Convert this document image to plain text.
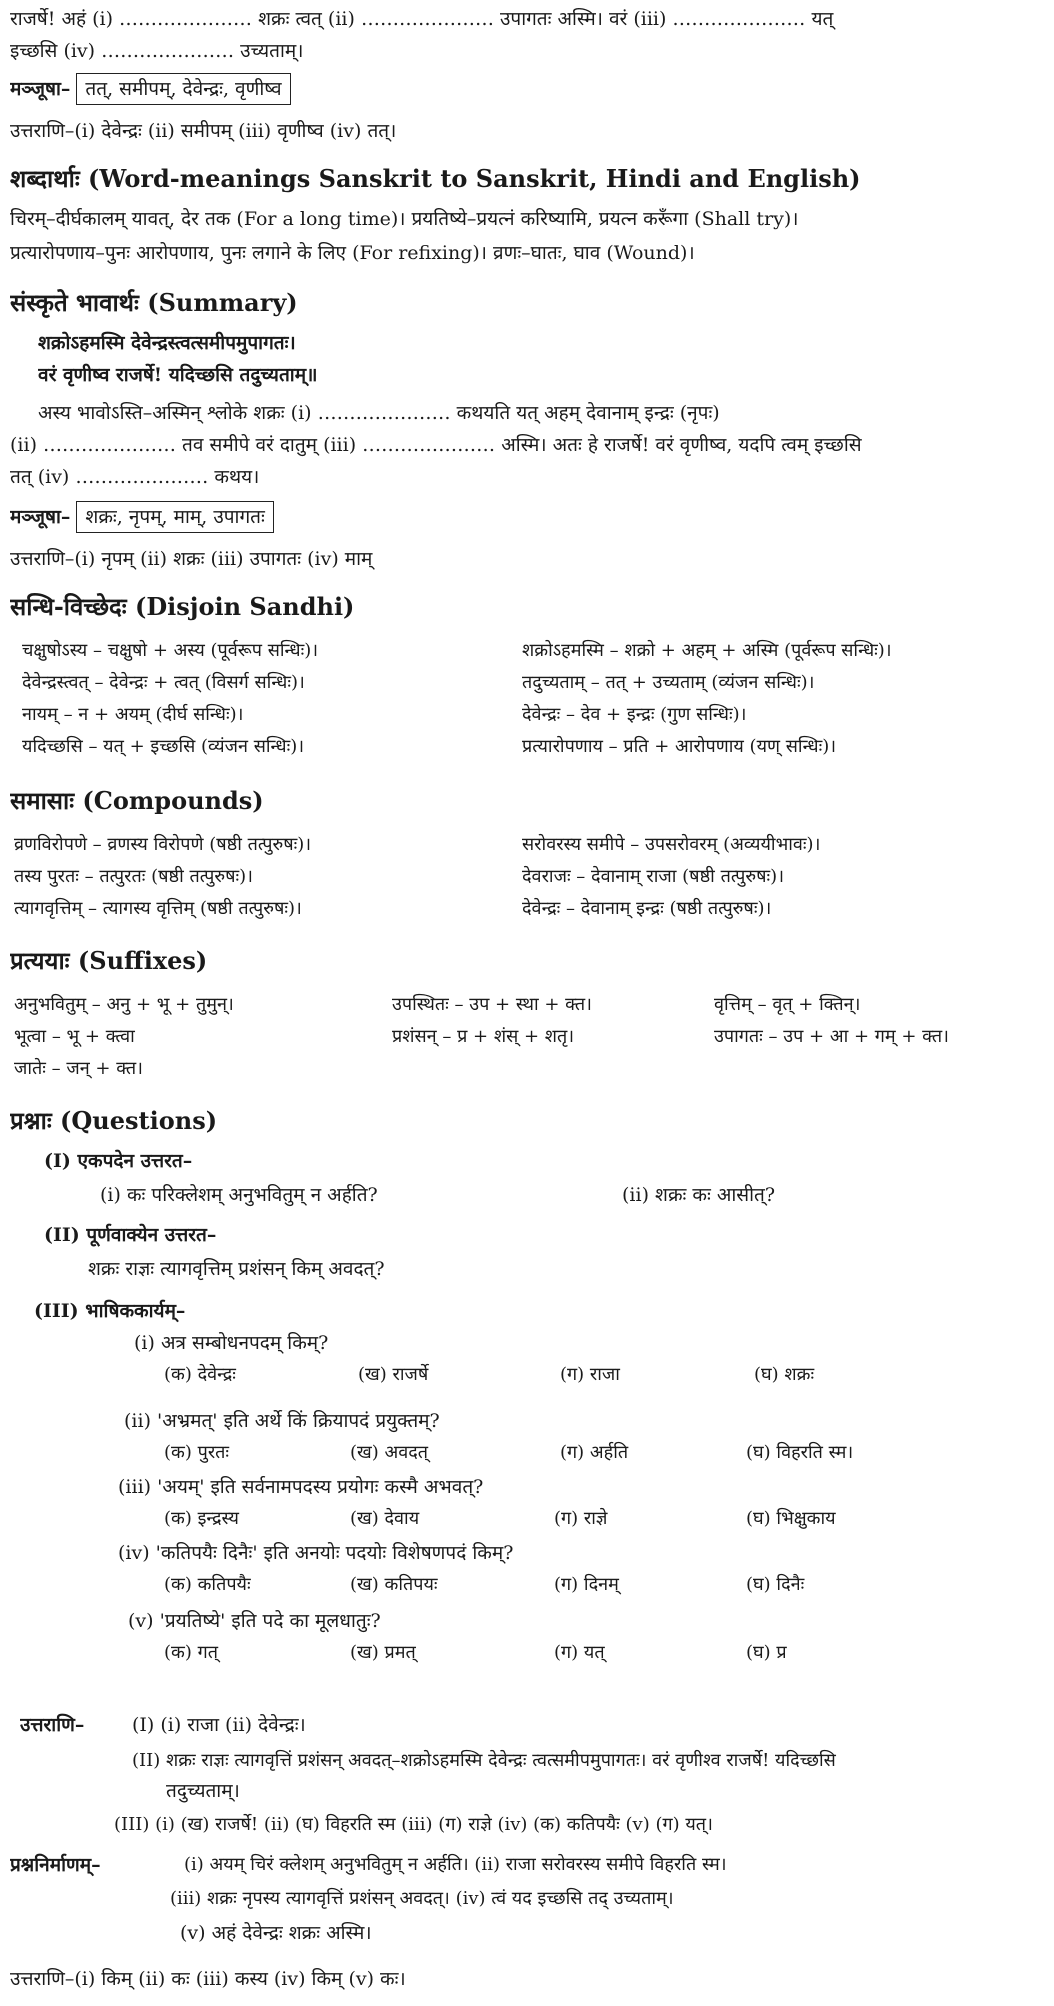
राजर्षे! अहं (i) ………………… शक्रः त्वत् (ii) ………………… उपागतः अस्मि। वरं (iii) ………………… यत्
इच्छसि (iv) ………………… उच्यताम्।
मञ्जूषा– तत्, समीपम्, देवेन्द्रः, वृणीष्व
उत्तराणि–(i) देवेन्द्रः (ii) समीपम् (iii) वृणीष्व (iv) तत्।
शब्दार्थाः (Word-meanings Sanskrit to Sanskrit, Hindi and English)
चिरम्–दीर्घकालम् यावत्, देर तक (For a long time)। प्रयतिष्ये–प्रयत्नं करिष्यामि, प्रयत्न करूँगा (Shall try)।
प्रत्यारोपणाय–पुनः आरोपणाय, पुनः लगाने के लिए (For refixing)। व्रणः–घातः, घाव (Wound)।
संस्कृते भावार्थः (Summary)
शक्रोऽहमस्मि देवेन्द्रस्त्वत्समीपमुपागतः।
वरं वृणीष्व राजर्षे! यदिच्छसि तदुच्यताम्॥
अस्य भावोऽस्ति–अस्मिन् श्लोके शक्रः (i) ………………… कथयति यत् अहम् देवानाम् इन्द्रः (नृपः)
(ii) ………………… तव समीपे वरं दातुम् (iii) ………………… अस्मि। अतः हे राजर्षे! वरं वृणीष्व, यदपि त्वम् इच्छसि
तत् (iv) ………………… कथय।
मञ्जूषा– शक्रः, नृपम्, माम्, उपागतः
उत्तराणि–(i) नृपम् (ii) शक्रः (iii) उपागतः (iv) माम्
सन्धि-विच्छेदः (Disjoin Sandhi)
चक्षुषोऽस्य – चक्षुषो + अस्य (पूर्वरूप सन्धिः)।	शक्रोऽहमस्मि – शक्रो + अहम् + अस्मि (पूर्वरूप सन्धिः)।
देवेन्द्रस्त्वत् – देवेन्द्रः + त्वत् (विसर्ग सन्धिः)।	तदुच्यताम् – तत् + उच्यताम् (व्यंजन सन्धिः)।
नायम् – न + अयम् (दीर्घ सन्धिः)।	देवेन्द्रः – देव + इन्द्रः (गुण सन्धिः)।
यदिच्छसि – यत् + इच्छसि (व्यंजन सन्धिः)।	प्रत्यारोपणाय – प्रति + आरोपणाय (यण् सन्धिः)।
समासाः (Compounds)
व्रणविरोपणे – व्रणस्य विरोपणे (षष्ठी तत्पुरुषः)।	सरोवरस्य समीपे – उपसरोवरम् (अव्ययीभावः)।
तस्य पुरतः – तत्पुरतः (षष्ठी तत्पुरुषः)।	देवराजः – देवानाम् राजा (षष्ठी तत्पुरुषः)।
त्यागवृत्तिम् – त्यागस्य वृत्तिम् (षष्ठी तत्पुरुषः)।	देवेन्द्रः – देवानाम् इन्द्रः (षष्ठी तत्पुरुषः)।
प्रत्ययाः (Suffixes)
अनुभवितुम् – अनु + भू + तुमुन्।	उपस्थितः – उप + स्था + क्त।	वृत्तिम् – वृत् + क्तिन्।
भूत्वा – भू + क्त्वा	प्रशंसन् – प्र + शंस् + शतृ।	उपागतः – उप + आ + गम् + क्त।
जातेः – जन् + क्त।
प्रश्नाः (Questions)
(I) एकपदेन उत्तरत–
(i) कः परिक्लेशम् अनुभवितुम् न अर्हति?	(ii) शक्रः कः आसीत्?
(II) पूर्णवाक्येन उत्तरत–
शक्रः राज्ञः त्यागवृत्तिम् प्रशंसन् किम् अवदत्?
(III) भाषिककार्यम्–
(i) अत्र सम्बोधनपदम् किम्?
(क) देवेन्द्रः	(ख) राजर्षे	(ग) राजा	(घ) शक्रः
(ii) 'अभ्रमत्' इति अर्थे किं क्रियापदं प्रयुक्तम्?
(क) पुरतः	(ख) अवदत्	(ग) अर्हति	(घ) विहरति स्म।
(iii) 'अयम्' इति सर्वनामपदस्य प्रयोगः कस्मै अभवत्?
(क) इन्द्रस्य	(ख) देवाय	(ग) राज्ञे	(घ) भिक्षुकाय
(iv) 'कतिपयैः दिनैः' इति अनयोः पदयोः विशेषणपदं किम्?
(क) कतिपयैः	(ख) कतिपयः	(ग) दिनम्	(घ) दिनैः
(v) 'प्रयतिष्ये' इति पदे का मूलधातुः?
(क) गत्	(ख) प्रमत्	(ग) यत्	(घ) प्र
उत्तराणि–	(I) (i) राजा (ii) देवेन्द्रः।
(II) शक्रः राज्ञः त्यागवृत्तिं प्रशंसन् अवदत्–शक्रोऽहमस्मि देवेन्द्रः त्वत्समीपमुपागतः। वरं वृणीश्व राजर्षे! यदिच्छसि
तदुच्यताम्।
(III) (i) (ख) राजर्षे! (ii) (घ) विहरति स्म (iii) (ग) राज्ञे (iv) (क) कतिपयैः (v) (ग) यत्।
प्रश्ननिर्माणम्–	(i) अयम् चिरं क्लेशम् अनुभवितुम् न अर्हति। (ii) राजा सरोवरस्य समीपे विहरति स्म।
(iii) शक्रः नृपस्य त्यागवृत्तिं प्रशंसन् अवदत्। (iv) त्वं यद इच्छसि तद् उच्यताम्।
(v) अहं देवेन्द्रः शक्रः अस्मि।
उत्तराणि–(i) किम् (ii) कः (iii) कस्य (iv) किम् (v) कः।
